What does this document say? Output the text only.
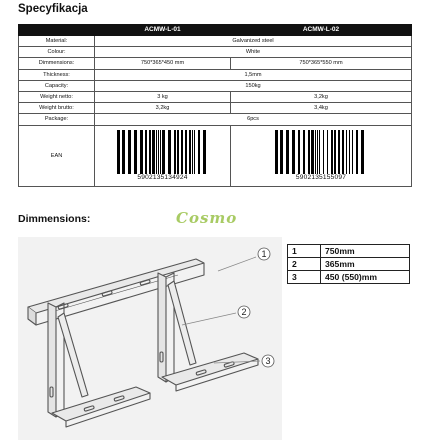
Specyfikacja
	ACMW-L-01	ACMW-L-02
Material:	Galvanized steel	
Colour:	White	
Dimmensions:	750*365*450 mm	750*365*550 mm
Thickness:	1,5mm	
Capacity:	150kg	
Weight netto:	3 kg	3,2kg
Weight brutto:	3,2kg	3,4kg
Package:	6pcs	
EAN	5902135134924	5902135155097
Dimmensions:	Cosmo
1
2
3
1	750mm
2	365mm
3	450 (550)mm
